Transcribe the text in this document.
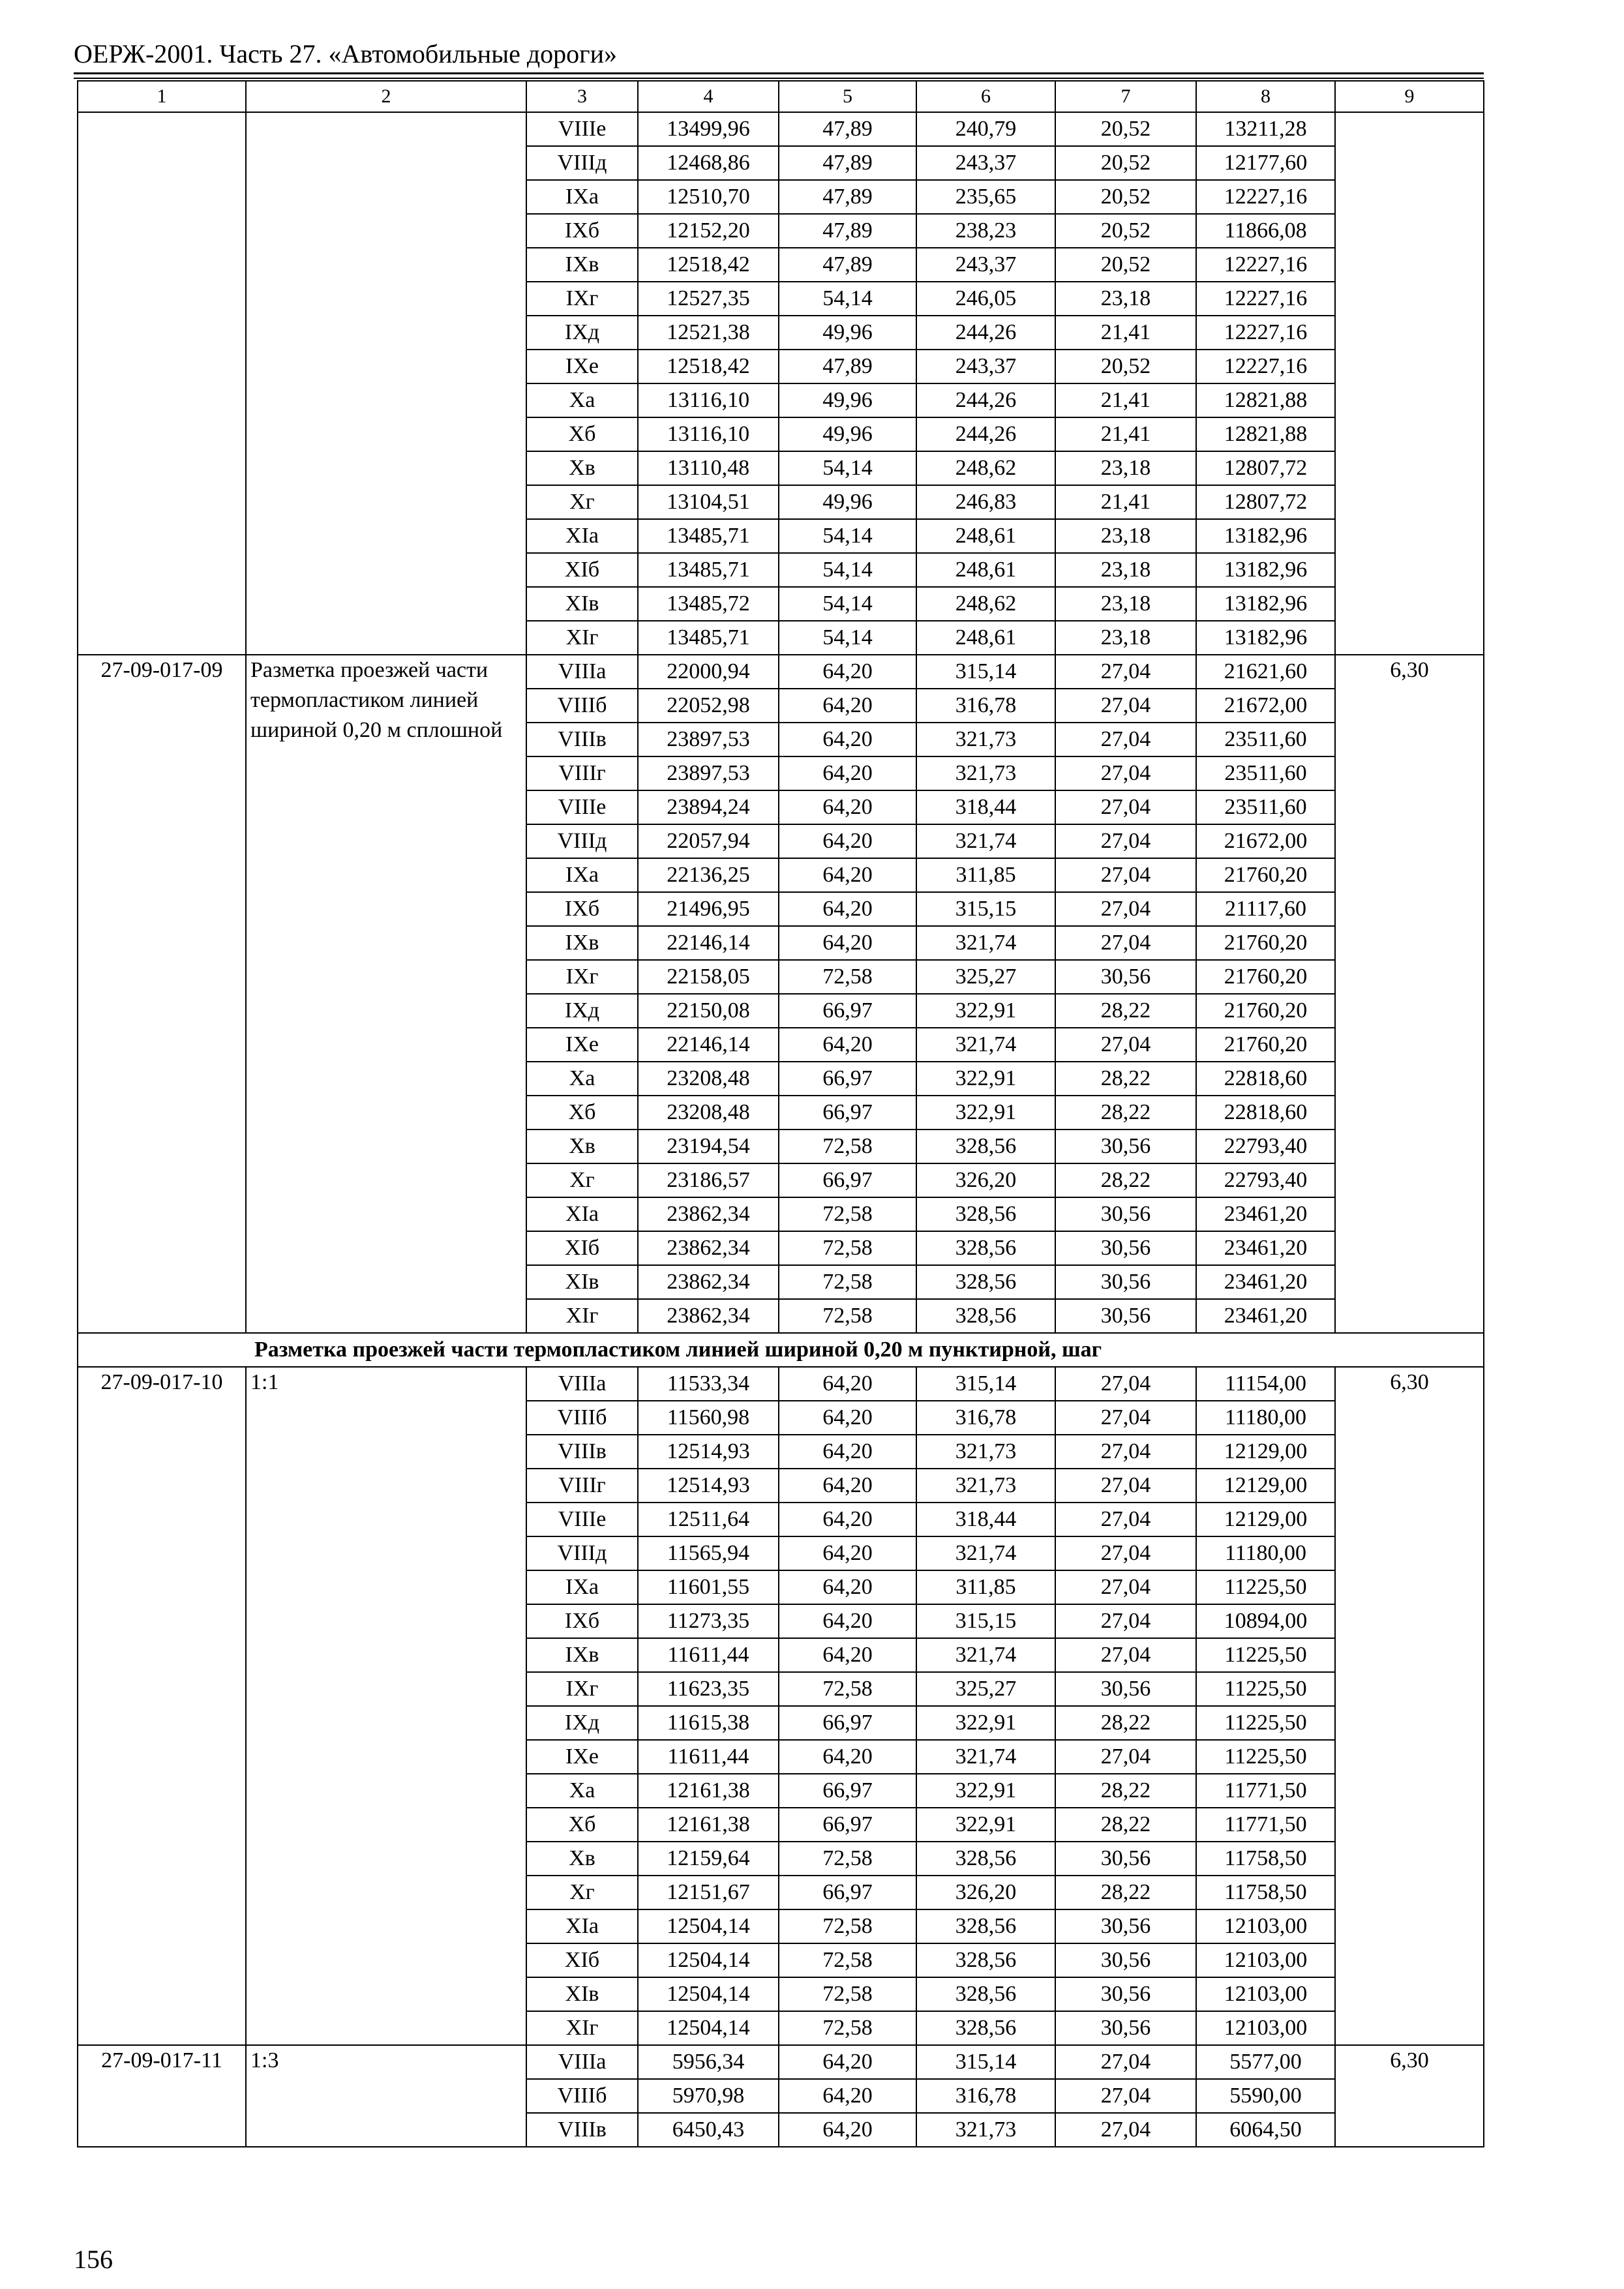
ОЕРЖ-2001. Часть 27. «Автомобильные дороги»
1	2	3	4	5	6	7	8	9
		VIIIе	13499,96	47,89	240,79	20,52	13211,28	
		VIIIд	12468,86	47,89	243,37	20,52	12177,60	
		IXа	12510,70	47,89	235,65	20,52	12227,16	
		IXб	12152,20	47,89	238,23	20,52	11866,08	
		IXв	12518,42	47,89	243,37	20,52	12227,16	
		IXг	12527,35	54,14	246,05	23,18	12227,16	
		IXд	12521,38	49,96	244,26	21,41	12227,16	
		IXе	12518,42	47,89	243,37	20,52	12227,16	
		Xа	13116,10	49,96	244,26	21,41	12821,88	
		Xб	13116,10	49,96	244,26	21,41	12821,88	
		Xв	13110,48	54,14	248,62	23,18	12807,72	
		Xг	13104,51	49,96	246,83	21,41	12807,72	
		XIа	13485,71	54,14	248,61	23,18	13182,96	
		XIб	13485,71	54,14	248,61	23,18	13182,96	
		XIв	13485,72	54,14	248,62	23,18	13182,96	
		XIг	13485,71	54,14	248,61	23,18	13182,96	
27-09-017-09	Разметка проезжей части термопластиком линией шириной 0,20 м сплошной	VIIIа	22000,94	64,20	315,14	27,04	21621,60	6,30
		VIIIб	22052,98	64,20	316,78	27,04	21672,00	
		VIIIв	23897,53	64,20	321,73	27,04	23511,60	
		VIIIг	23897,53	64,20	321,73	27,04	23511,60	
		VIIIе	23894,24	64,20	318,44	27,04	23511,60	
		VIIIд	22057,94	64,20	321,74	27,04	21672,00	
		IXа	22136,25	64,20	311,85	27,04	21760,20	
		IXб	21496,95	64,20	315,15	27,04	21117,60	
		IXв	22146,14	64,20	321,74	27,04	21760,20	
		IXг	22158,05	72,58	325,27	30,56	21760,20	
		IXд	22150,08	66,97	322,91	28,22	21760,20	
		IXе	22146,14	64,20	321,74	27,04	21760,20	
		Xа	23208,48	66,97	322,91	28,22	22818,60	
		Xб	23208,48	66,97	322,91	28,22	22818,60	
		Xв	23194,54	72,58	328,56	30,56	22793,40	
		Xг	23186,57	66,97	326,20	28,22	22793,40	
		XIа	23862,34	72,58	328,56	30,56	23461,20	
		XIб	23862,34	72,58	328,56	30,56	23461,20	
		XIв	23862,34	72,58	328,56	30,56	23461,20	
		XIг	23862,34	72,58	328,56	30,56	23461,20	
Разметка проезжей части термопластиком линией шириной 0,20 м пунктирной, шаг								
27-09-017-10	1:1	VIIIа	11533,34	64,20	315,14	27,04	11154,00	6,30
		VIIIб	11560,98	64,20	316,78	27,04	11180,00	
		VIIIв	12514,93	64,20	321,73	27,04	12129,00	
		VIIIг	12514,93	64,20	321,73	27,04	12129,00	
		VIIIе	12511,64	64,20	318,44	27,04	12129,00	
		VIIIд	11565,94	64,20	321,74	27,04	11180,00	
		IXа	11601,55	64,20	311,85	27,04	11225,50	
		IXб	11273,35	64,20	315,15	27,04	10894,00	
		IXв	11611,44	64,20	321,74	27,04	11225,50	
		IXг	11623,35	72,58	325,27	30,56	11225,50	
		IXд	11615,38	66,97	322,91	28,22	11225,50	
		IXе	11611,44	64,20	321,74	27,04	11225,50	
		Xа	12161,38	66,97	322,91	28,22	11771,50	
		Xб	12161,38	66,97	322,91	28,22	11771,50	
		Xв	12159,64	72,58	328,56	30,56	11758,50	
		Xг	12151,67	66,97	326,20	28,22	11758,50	
		XIа	12504,14	72,58	328,56	30,56	12103,00	
		XIб	12504,14	72,58	328,56	30,56	12103,00	
		XIв	12504,14	72,58	328,56	30,56	12103,00	
		XIг	12504,14	72,58	328,56	30,56	12103,00	
27-09-017-11	1:3	VIIIа	5956,34	64,20	315,14	27,04	5577,00	6,30
		VIIIб	5970,98	64,20	316,78	27,04	5590,00	
		VIIIв	6450,43	64,20	321,73	27,04	6064,50	
156
